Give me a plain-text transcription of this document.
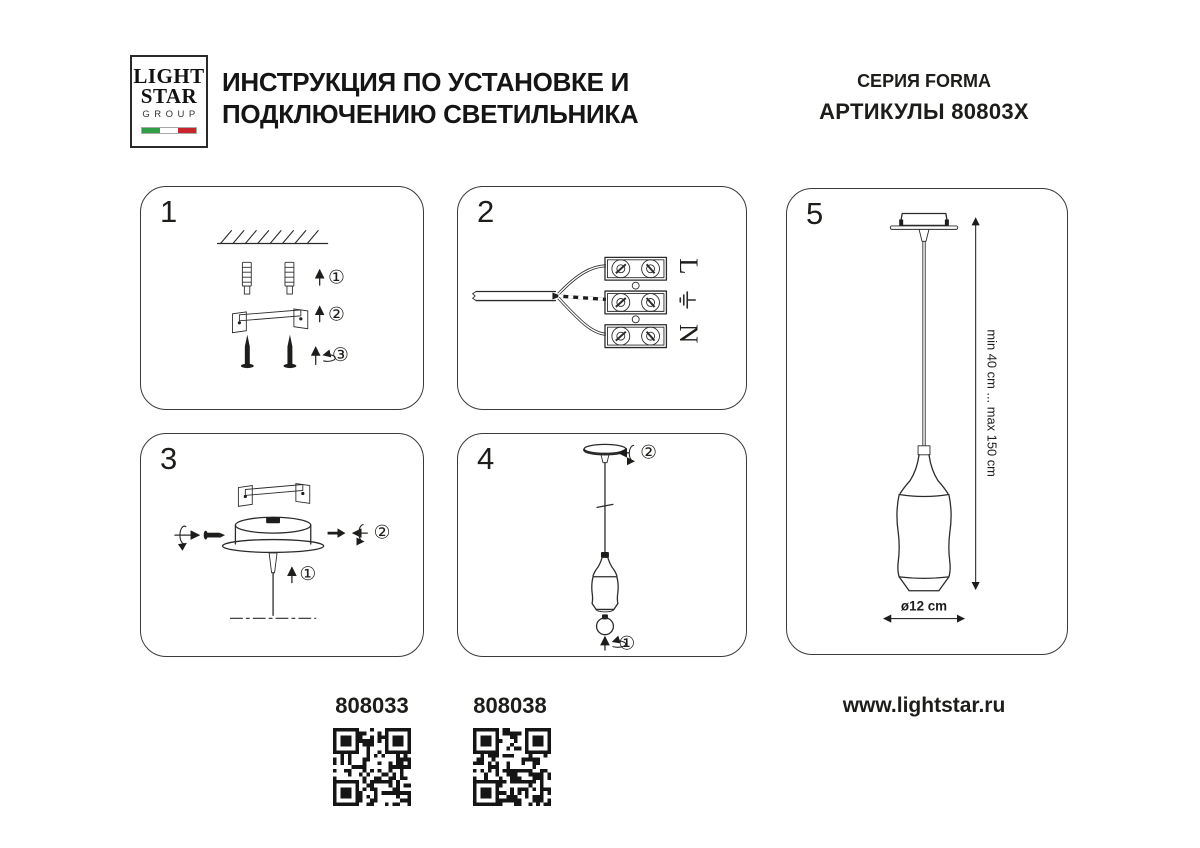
LIGHT
STAR
GROUP
ИНСТРУКЦИЯ ПО УСТАНОВКЕ И
ПОДКЛЮЧЕНИЮ СВЕТИЛЬНИКА
СЕРИЯ FORMA
АРТИКУЛЫ 80803X
①
②
③
1
L
N
2
②
①
3	②
①
4	min 40 cm ... max 150 cm
ø12 cm
5
808033	808038	www.lightstar.ru
